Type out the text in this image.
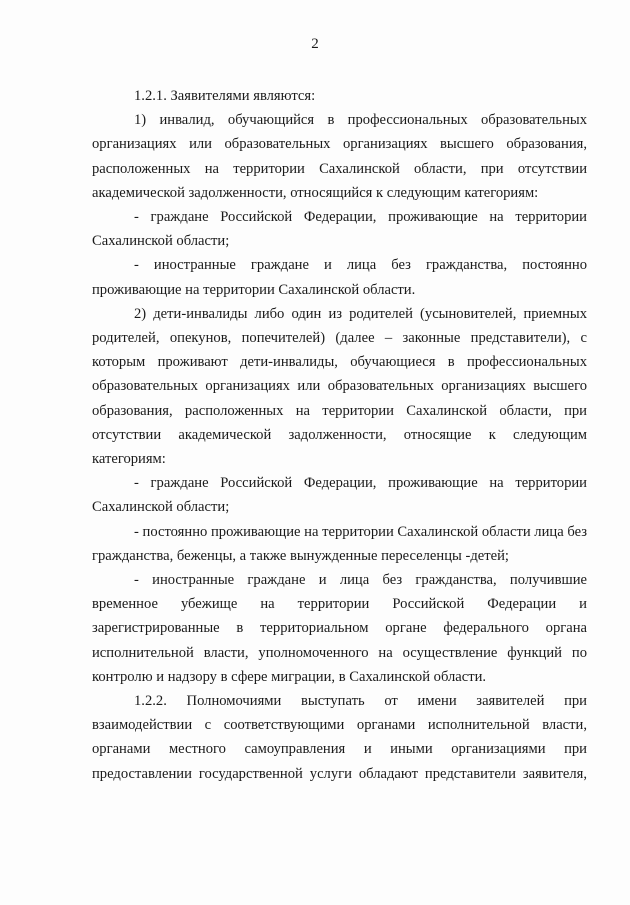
2

1.2.1. Заявителями являются:

1) инвалид, обучающийся в профессиональных образовательных организациях или образовательных организациях высшего образования, расположенных на территории Сахалинской области, при отсутствии академической задолженности, относящийся к следующим категориям:

- граждане Российской Федерации, проживающие на территории Сахалинской области;

- иностранные граждане и лица без гражданства, постоянно проживающие на территории Сахалинской области.

2) дети-инвалиды либо один из родителей (усыновителей, приемных родителей, опекунов, попечителей) (далее – законные представители), с которым проживают дети-инвалиды, обучающиеся в профессиональных образовательных организациях или образовательных организациях высшего образования, расположенных на территории Сахалинской области, при отсутствии академической задолженности, относящие к следующим категориям:

- граждане Российской Федерации, проживающие на территории Сахалинской области;

- постоянно проживающие на территории Сахалинской области лица без гражданства, беженцы, а также вынужденные переселенцы -детей;

- иностранные граждане и лица без гражданства, получившие временное убежище на территории Российской Федерации и зарегистрированные в территориальном органе федерального органа исполнительной власти, уполномоченного на осуществление функций по контролю и надзору в сфере миграции, в Сахалинской области.

1.2.2. Полномочиями выступать от имени заявителей при взаимодействии с соответствующими органами исполнительной власти, органами местного самоуправления и иными организациями при предоставлении государственной услуги обладают представители заявителя,
